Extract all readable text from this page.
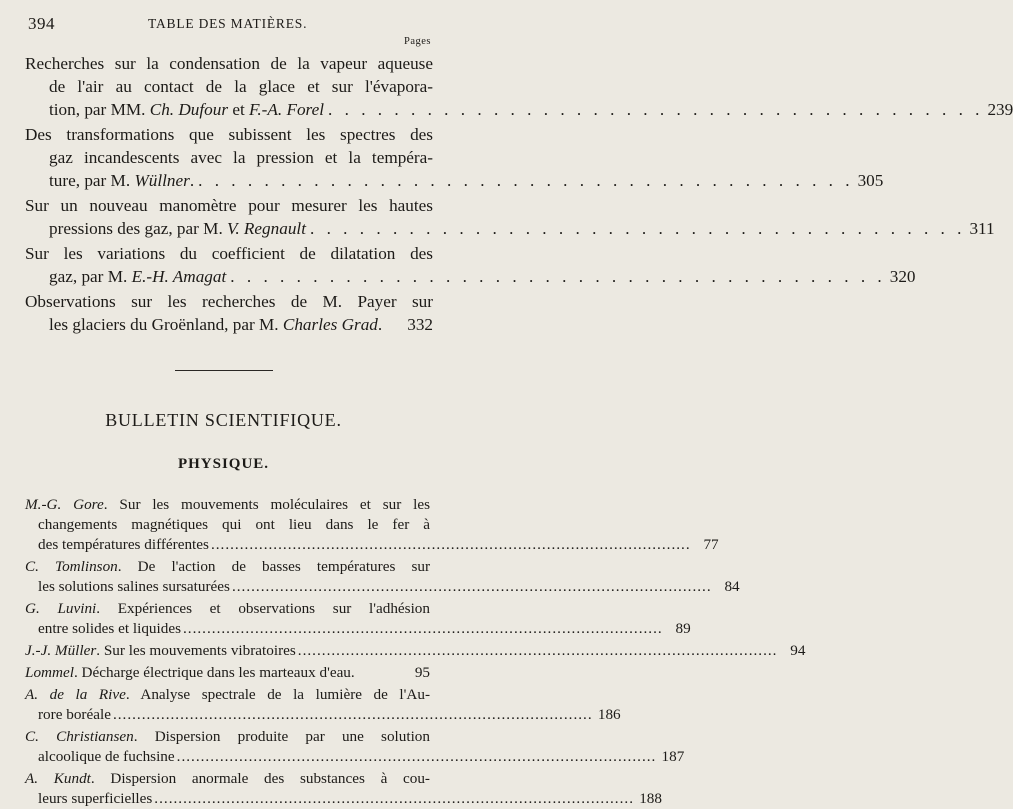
394	TABLE DES MATIÈRES.
Pages
Recherches sur la condensation de la vapeur aqueuse
de l'air au contact de la glace et sur l'évapora-
tion, par MM. Ch. Dufour et F.-A. Forel . . .	239
Des transformations que subissent les spectres des
gaz incandescents avec la pression et la tempéra-
ture, par M. Wüllner. . . .	305
Sur un nouveau manomètre pour mesurer les hautes
pressions des gaz, par M. V. Regnault . . .	311
Sur les variations du coefficient de dilatation des
gaz, par M. E.-H. Amagat . . .	320
Observations sur les recherches de M. Payer sur
les glaciers du Groënland, par M. Charles Grad. 332
BULLETIN SCIENTIFIQUE.
PHYSIQUE.
M.-G. Gore. Sur les mouvements moléculaires et sur les
changements magnétiques qui ont lieu dans le fer à
des températures différentes .....	77
C. Tomlinson. De l'action de basses températures sur
les solutions salines sursaturées .....	84
G. Luvini. Expériences et observations sur l'adhésion
entre solides et liquides .....	89
J.-J. Müller. Sur les mouvements vibratoires .....	94
Lommel. Décharge électrique dans les marteaux d'eau.	95
A. de la Rive. Analyse spectrale de la lumière de l'Au-
rore boréale .....	186
C. Christiansen. Dispersion produite par une solution
alcoolique de fuchsine .....	187
A. Kundt. Dispersion anormale des substances à cou-
leurs superficielles .....	188
